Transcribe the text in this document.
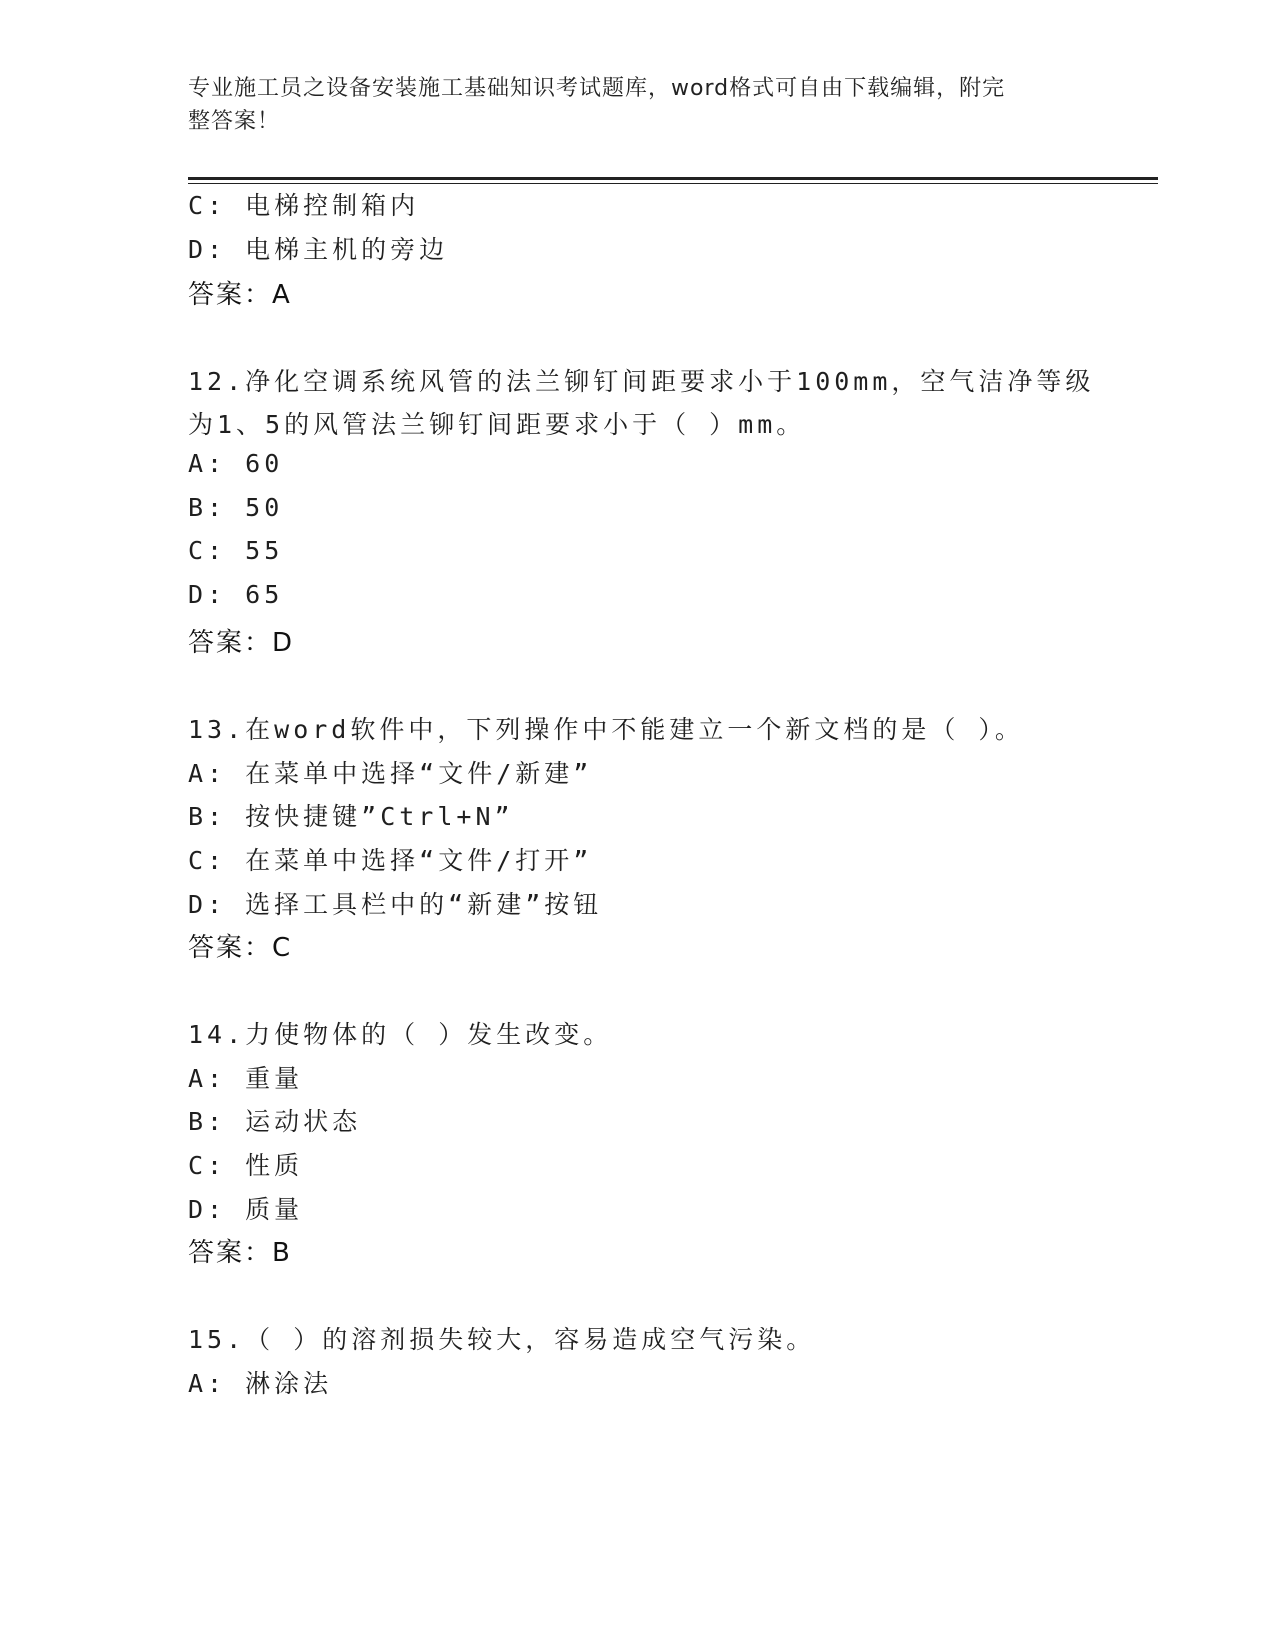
专业施工员之设备安装施工基础知识考试题库，word格式可自由下载编辑，附完
整答案！
C: 电梯控制箱内
D: 电梯主机的旁边
答案：A
12.净化空调系统风管的法兰铆钉间距要求小于100mm，空气洁净等级
为1、5的风管法兰铆钉间距要求小于（ ）mm。
A: 60
B: 50
C: 55
D: 65
答案：D
13.在word软件中，下列操作中不能建立一个新文档的是（ ）。
A: 在菜单中选择“文件/新建”
B: 按快捷键”Ctrl+N”
C: 在菜单中选择“文件/打开”
D: 选择工具栏中的“新建”按钮
答案：C
14.力使物体的（ ）发生改变。
A: 重量
B: 运动状态
C: 性质
D: 质量
答案：B
15.（ ）的溶剂损失较大，容易造成空气污染。
A: 淋涂法
